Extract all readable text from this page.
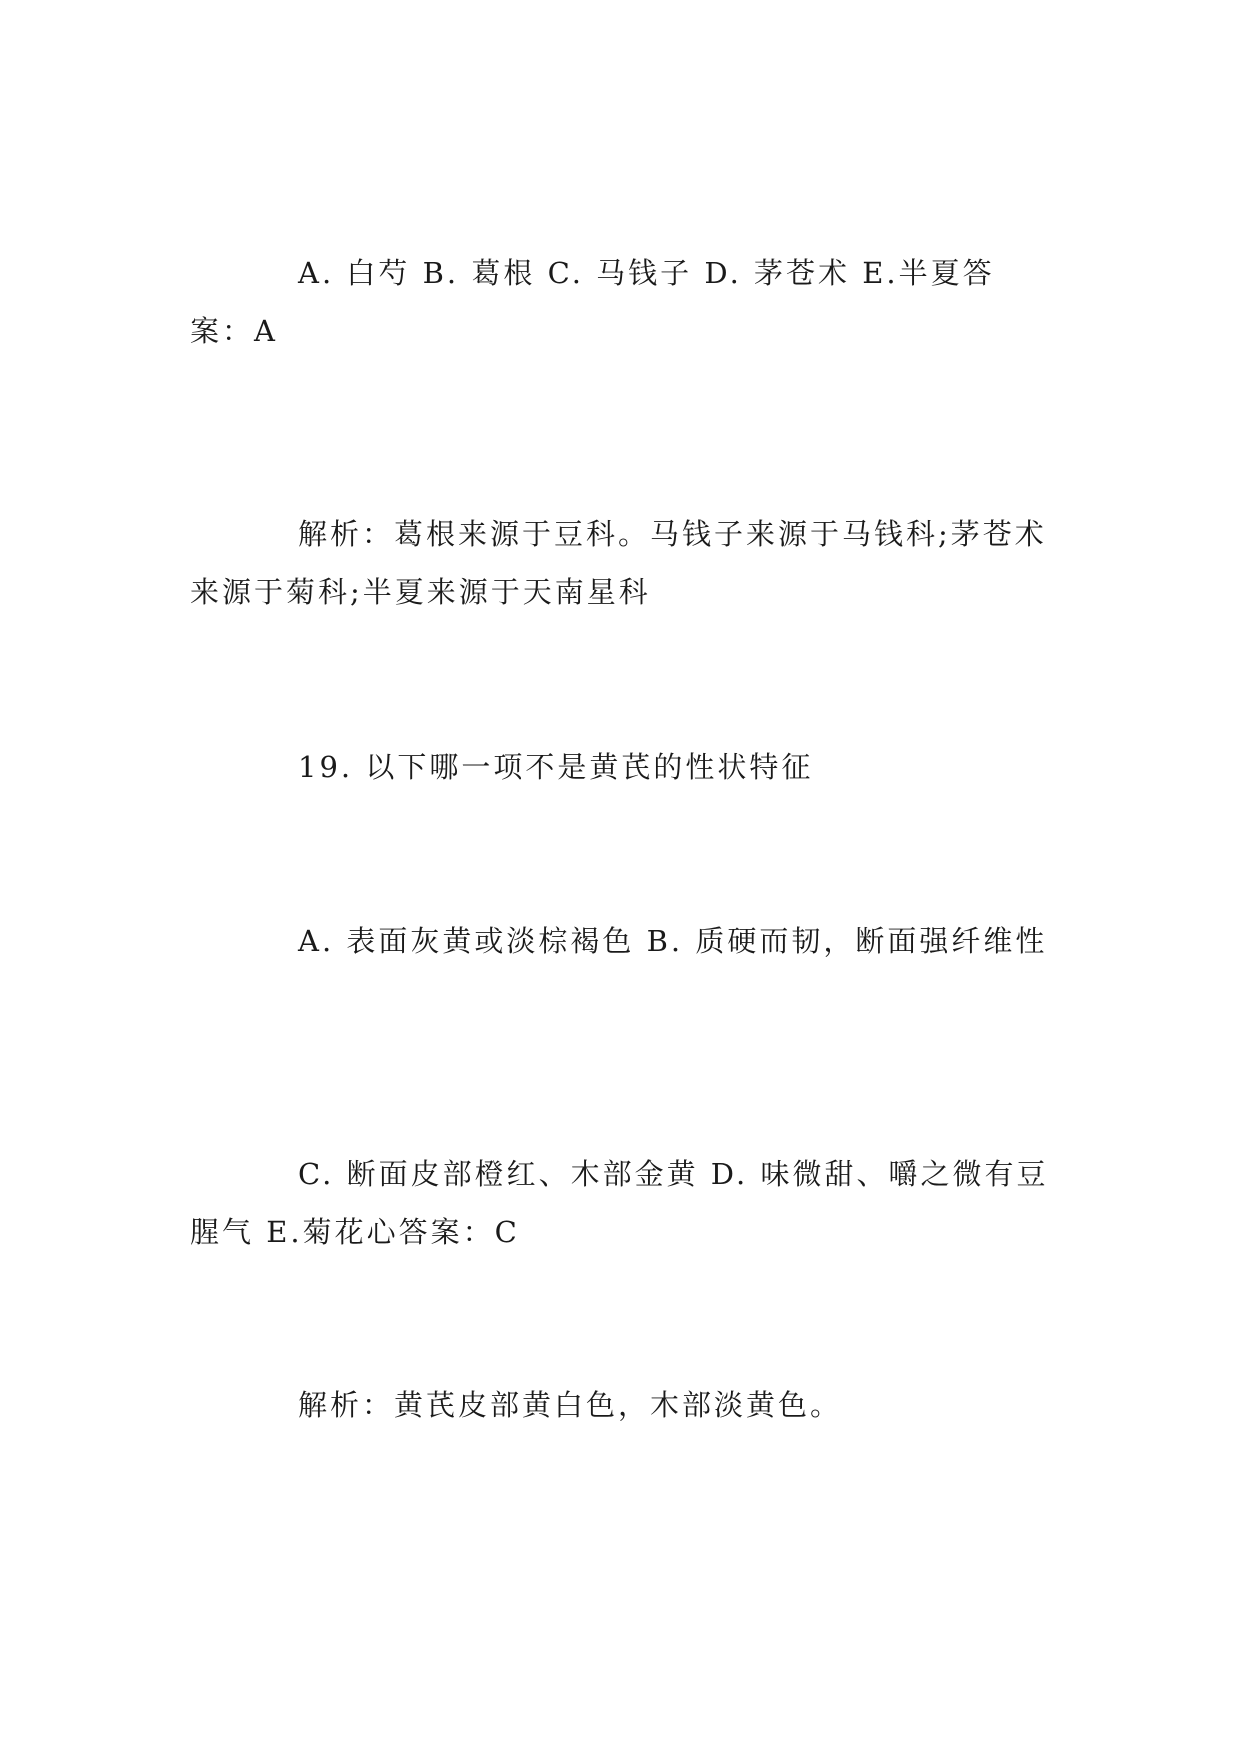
A. 白芍 B. 葛根 C. 马钱子 D. 茅苍术 E.半夏答案：A

解析：葛根来源于豆科。马钱子来源于马钱科;茅苍术来源于菊科;半夏来源于天南星科

19. 以下哪一项不是黄芪的性状特征

A. 表面灰黄或淡棕褐色 B. 质硬而韧，断面强纤维性

C. 断面皮部橙红、木部金黄 D. 味微甜、嚼之微有豆腥气 E.菊花心答案：C

解析：黄芪皮部黄白色，木部淡黄色。
